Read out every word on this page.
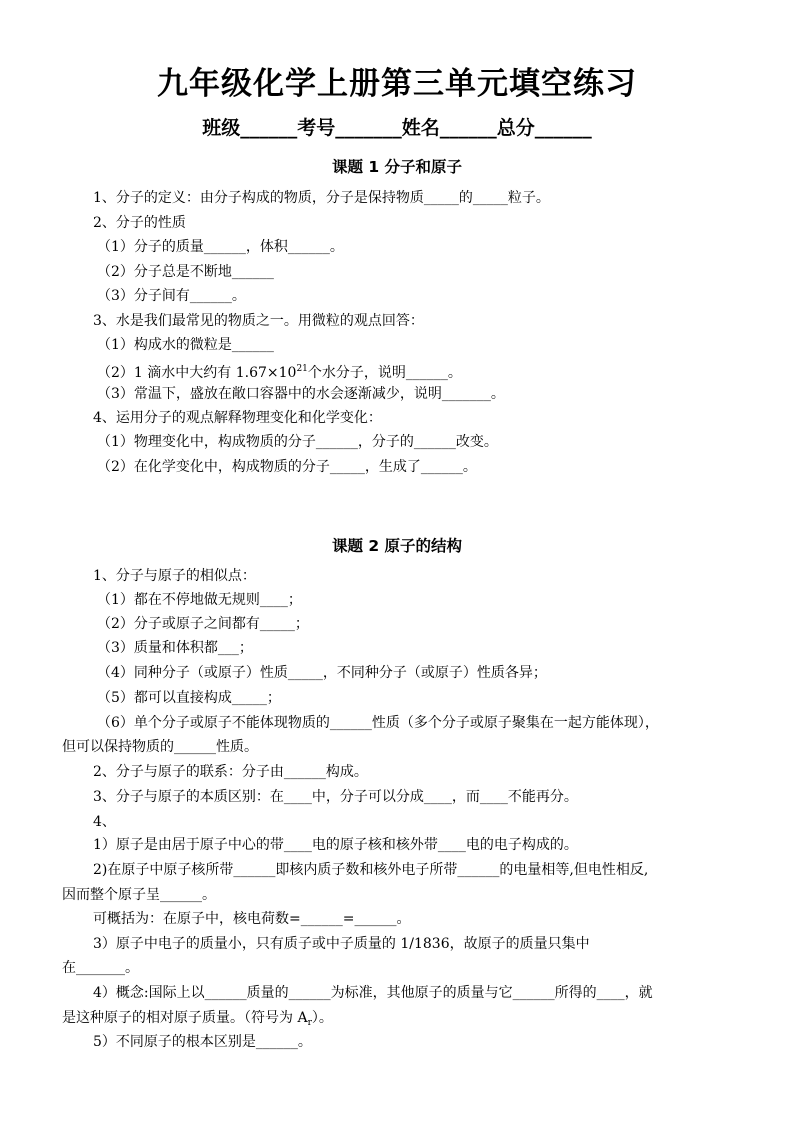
九年级化学上册第三单元填空练习
班级______考号_______姓名______总分______
课题 1 分子和原子
1、分子的定义：由分子构成的物质，分子是保持物质_____的_____粒子。
2、分子的性质
（1）分子的质量______，体积______。
（2）分子总是不断地______
（3）分子间有______。
3、水是我们最常见的物质之一。用微粒的观点回答：
（1）构成水的微粒是______
（2）1 滴水中大约有 $1.67\times 10^{21}$个水分子，说明______。
（3）常温下，盛放在敞口容器中的水会逐渐减少，说明_______。
4、运用分子的观点解释物理变化和化学变化：
（1）物理变化中，构成物质的分子______，分子的______改变。
（2）在化学变化中，构成物质的分子_____，生成了______。
课题 2 原子的结构
1、分子与原子的相似点：
（1）都在不停地做无规则____；
（2）分子或原子之间都有_____；
（3）质量和体积都___；
（4）同种分子（或原子）性质_____，不同种分子（或原子）性质各异；
（5）都可以直接构成_____；
（6）单个分子或原子不能体现物质的______性质（多个分子或原子聚集在一起方能体现），
但可以保持物质的______性质。
2、分子与原子的联系：分子由______构成。
3、分子与原子的本质区别：在____中，分子可以分成____，而____不能再分。
4、
1）原子是由居于原子中心的带____电的原子核和核外带____电的电子构成的。
2)在原子中原子核所带______即核内质子数和核外电子所带______的电量相等,但电性相反,
因而整个原子呈______。
可概括为：在原子中，核电荷数=______=______。
3）原子中电子的质量小，只有质子或中子质量的 1/1836，故原子的质量只集中
在_______。
4）概念:国际上以______质量的______为标准，其他原子的质量与它______所得的____，就
是这种原子的相对原子质量。（符号为 $A_r$）。
5）不同原子的根本区别是______。
